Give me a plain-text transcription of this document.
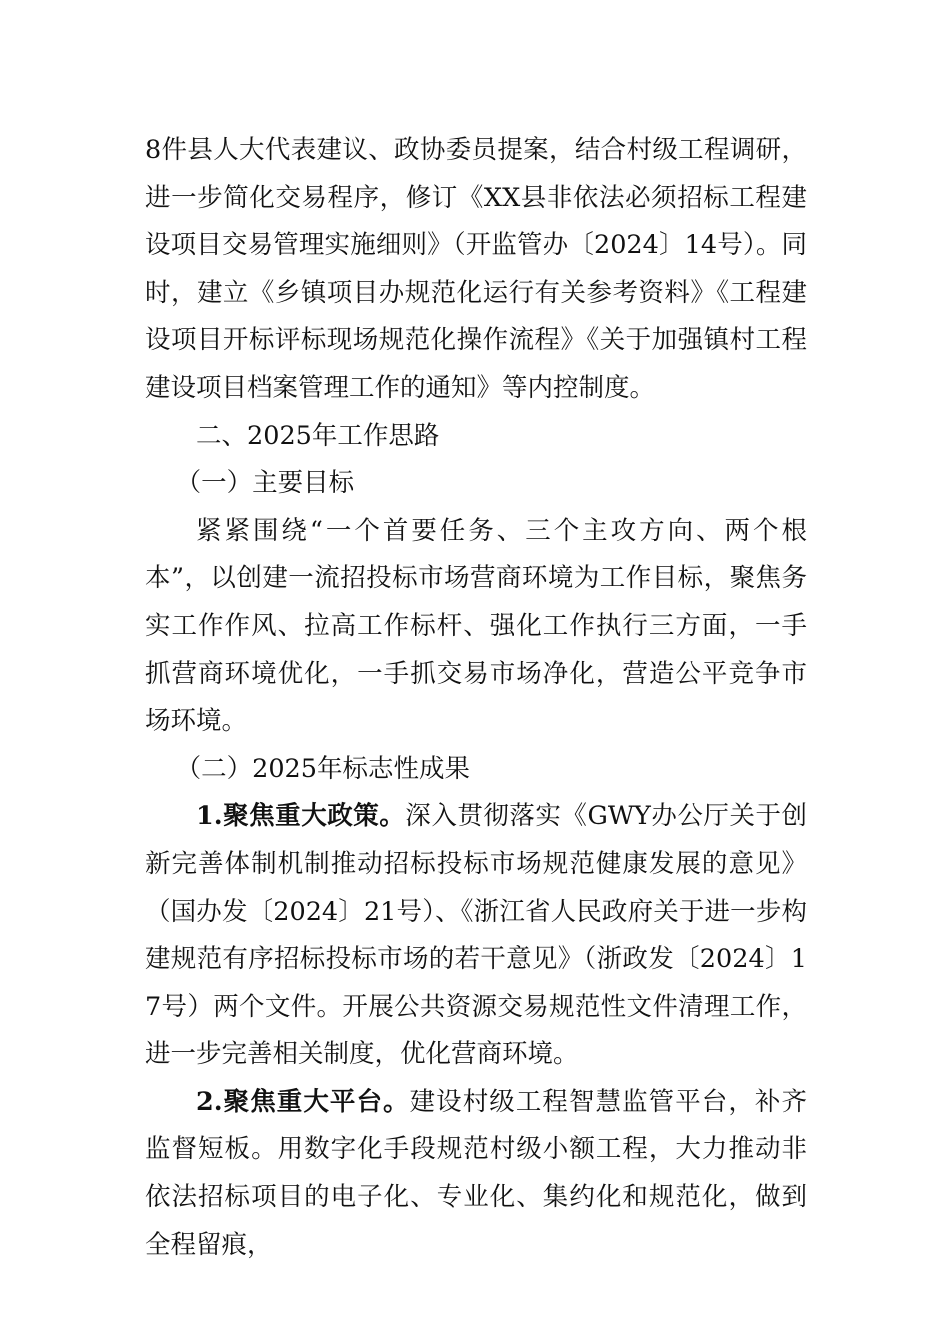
8件县人大代表建议、政协委员提案，结合村级工程调研，进一步简化交易程序，修订《XX县非依法必须招标工程建设项目交易管理实施细则》（开监管办〔2024〕14号）。同时，建立《乡镇项目办规范化运行有关参考资料》《工程建设项目开标评标现场规范化操作流程》《关于加强镇村工程建设项目档案管理工作的通知》等内控制度。

二、2025年工作思路

（一）主要目标

紧紧围绕“一个首要任务、三个主攻方向、两个根本”，以创建一流招投标市场营商环境为工作目标，聚焦务实工作作风、拉高工作标杆、强化工作执行三方面，一手抓营商环境优化，一手抓交易市场净化，营造公平竞争市场环境。

（二）2025年标志性成果

1.聚焦重大政策。深入贯彻落实《GWY办公厅关于创新完善体制机制推动招标投标市场规范健康发展的意见》（国办发〔2024〕21号）、《浙江省人民政府关于进一步构建规范有序招标投标市场的若干意见》（浙政发〔2024〕17号）两个文件。开展公共资源交易规范性文件清理工作，进一步完善相关制度，优化营商环境。

2.聚焦重大平台。建设村级工程智慧监管平台，补齐监督短板。用数字化手段规范村级小额工程，大力推动非依法招标项目的电子化、专业化、集约化和规范化，做到全程留痕，
